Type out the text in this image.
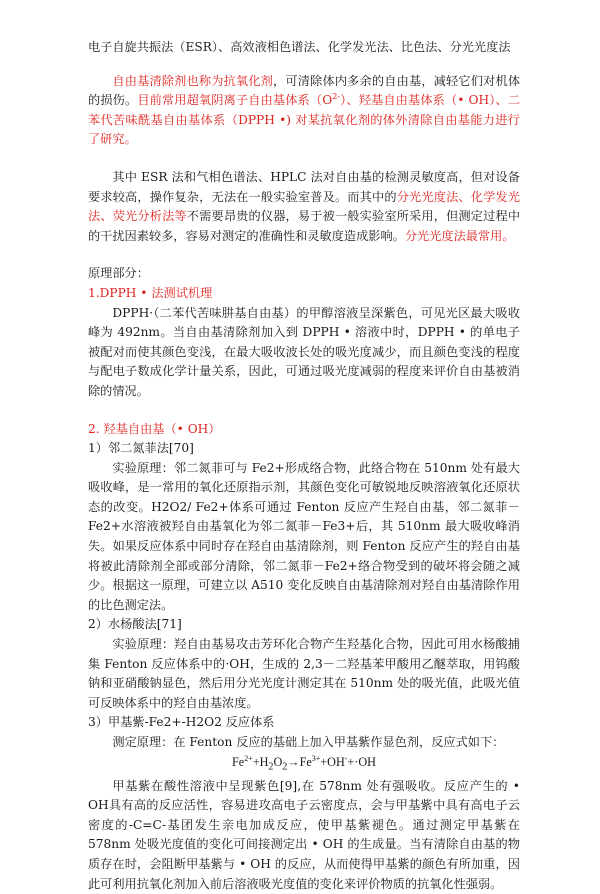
电子自旋共振法（ESR）、高效液相色谱法、化学发光法、比色法、分光光度法

自由基清除剂也称为抗氧化剂，可清除体内多余的自由基，减轻它们对机体的损伤。目前常用超氧阴离子自由基体系$(O^{2-})$、羟基自由基体系（• OH）、二苯代苦味酰基自由基体系（DPPH •) 对某抗氧化剂的体外清除自由基能力进行了研究。

其中 ESR 法和气相色谱法、HPLC 法对自由基的检测灵敏度高，但对设备要求较高，操作复杂，无法在一般实验室普及。而其中的分光光度法、化学发光法、荧光分析法等不需要昂贵的仪器，易于被一般实验室所采用，但测定过程中的干扰因素较多，容易对测定的准确性和灵敏度造成影响。分光光度法最常用。

原理部分：

1.DPPH • 法测试机理

DPPH·（二苯代苦味肼基自由基）的甲醇溶液呈深紫色，可见光区最大吸收峰为 492nm。当自由基清除剂加入到 DPPH • 溶液中时，DPPH • 的单电子被配对而使其颜色变浅，在最大吸收波长处的吸光度减少，而且颜色变浅的程度与配电子数成化学计量关系，因此，可通过吸光度减弱的程度来评价自由基被消除的情况。

2. 羟基自由基（• OH）

1）邻二氮菲法[70]

实验原理：邻二氮菲可与 Fe2+形成络合物，此络合物在 510nm 处有最大吸收峰，是一常用的氧化还原指示剂，其颜色变化可敏锐地反映溶液氧化还原状态的改变。H2O2/ Fe2+体系可通过 Fenton 反应产生羟自由基，邻二氮菲－Fe2+水溶液被羟自由基氧化为邻二氮菲－Fe3+后，其 510nm 最大吸收峰消失。如果反应体系中同时存在羟自由基清除剂，则 Fenton 反应产生的羟自由基将被此清除剂全部或部分清除，邻二氮菲－Fe2+络合物受到的破坏将会随之减少。根据这一原理，可建立以 A510 变化反映自由基清除剂对羟自由基清除作用的比色测定法。

2）水杨酸法[71]

实验原理：羟自由基易攻击芳环化合物产生羟基化合物，因此可用水杨酸捕集 Fenton 反应体系中的·OH，生成的 2,3－二羟基苯甲酸用乙醚萃取，用钨酸钠和亚硝酸钠显色，然后用分光光度计测定其在 510nm 处的吸光值，此吸光值可反映体系中的羟自由基浓度。

3）甲基紫-Fe2+-H2O2 反应体系

测定原理：在 Fenton 反应的基础上加入甲基紫作显色剂，反应式如下：

$Fe^{2+}+H_2O_2\to Fe^{3+}+OH^-+\cdot OH$

甲基紫在酸性溶液中呈现紫色[9],在 578nm 处有强吸收。反应产生的 • OH具有高的反应活性，容易进攻高电子云密度点，会与甲基紫中具有高电子云密度的-C=C-基团发生亲电加成反应，使甲基紫褪色。通过测定甲基紫在 578nm 处吸光度值的变化可间接测定出 • OH 的生成量。当有清除自由基的物质存在时，会阻断甲基紫与 • OH 的反应，从而使得甲基紫的颜色有所加重，因此可利用抗氧化剂加入前后溶液吸光度值的变化来评价物质的抗氧化性强弱。
